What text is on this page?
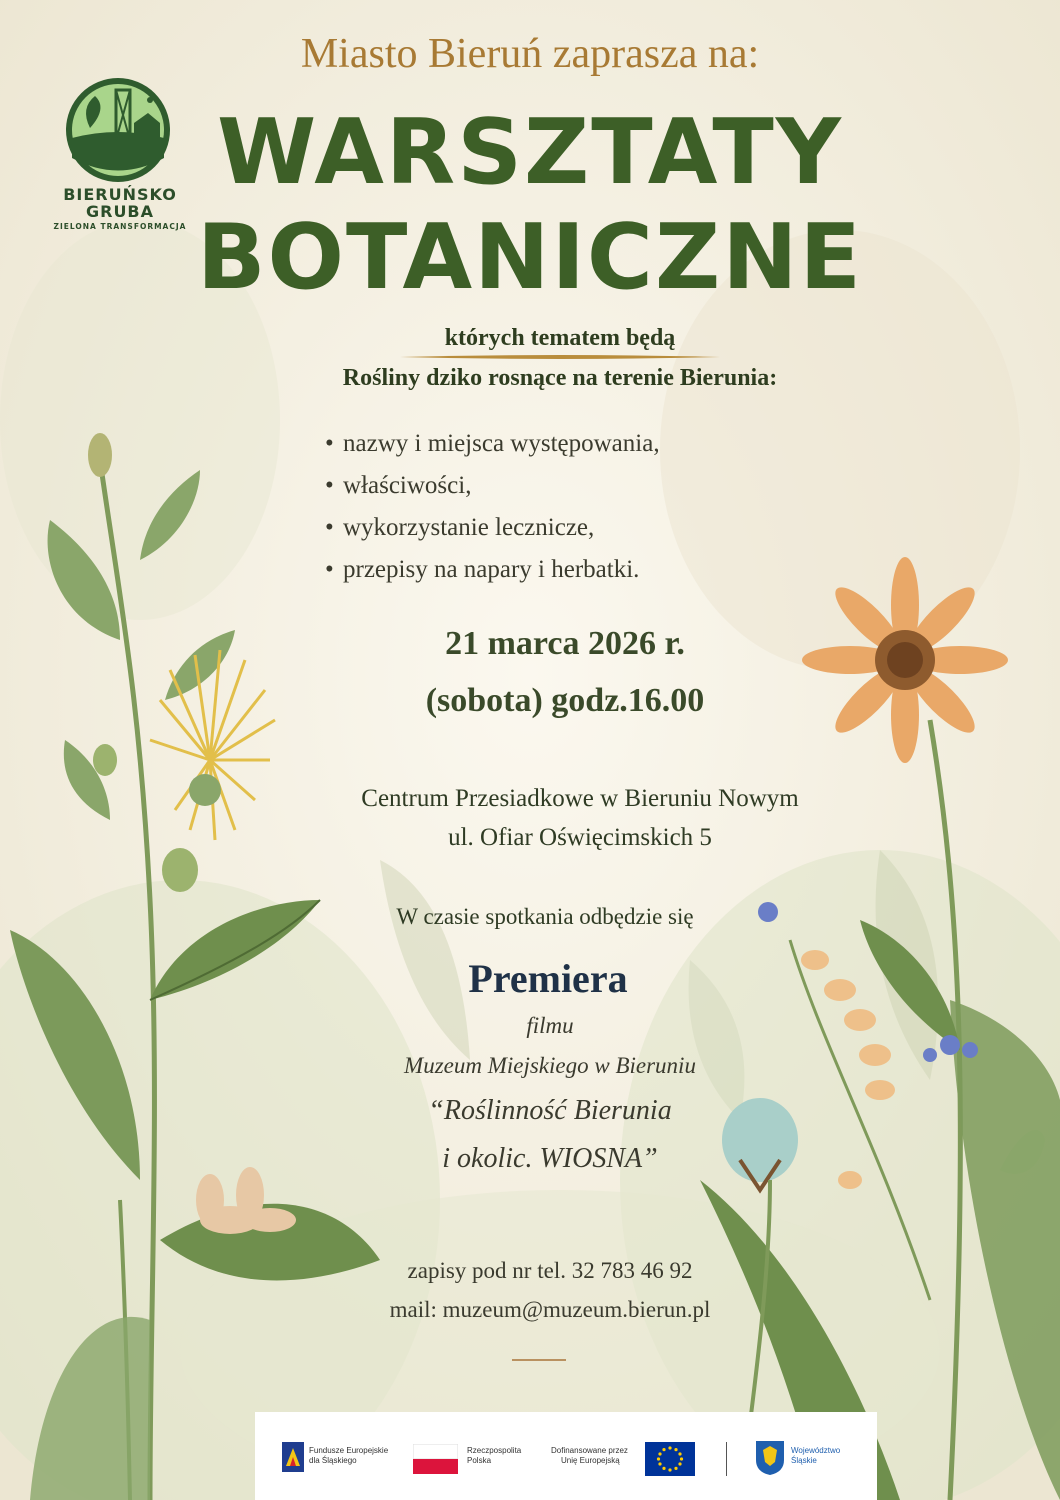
BIERUŃSKO
GRUBA
ZIELONA TRANSFORMACJA
Miasto Bieruń zaprasza na:
WARSZTATY
BOTANICZNE
których tematem będą
Rośliny dziko rosnące na terenie Bierunia:
• nazwy i miejsca występowania,
• właściwości,
• wykorzystanie lecznicze,
• przepisy na napary i herbatki.
21 marca 2026 r.
(sobota) godz.16.00
Centrum Przesiadkowe w Bieruniu Nowym
ul. Ofiar Oświęcimskich 5
W czasie spotkania odbędzie się
Premiera
filmu
Muzeum Miejskiego w Bieruniu
“Roślinność Bierunia
i okolic. WIOSNA”
zapisy pod nr tel. 32 783 46 92
mail: muzeum@muzeum.bierun.pl
Fundusze Europejskie
dla Śląskiego
Rzeczpospolita
Polska
Dofinansowane przez
Unię Europejską
Województwo
Śląskie
